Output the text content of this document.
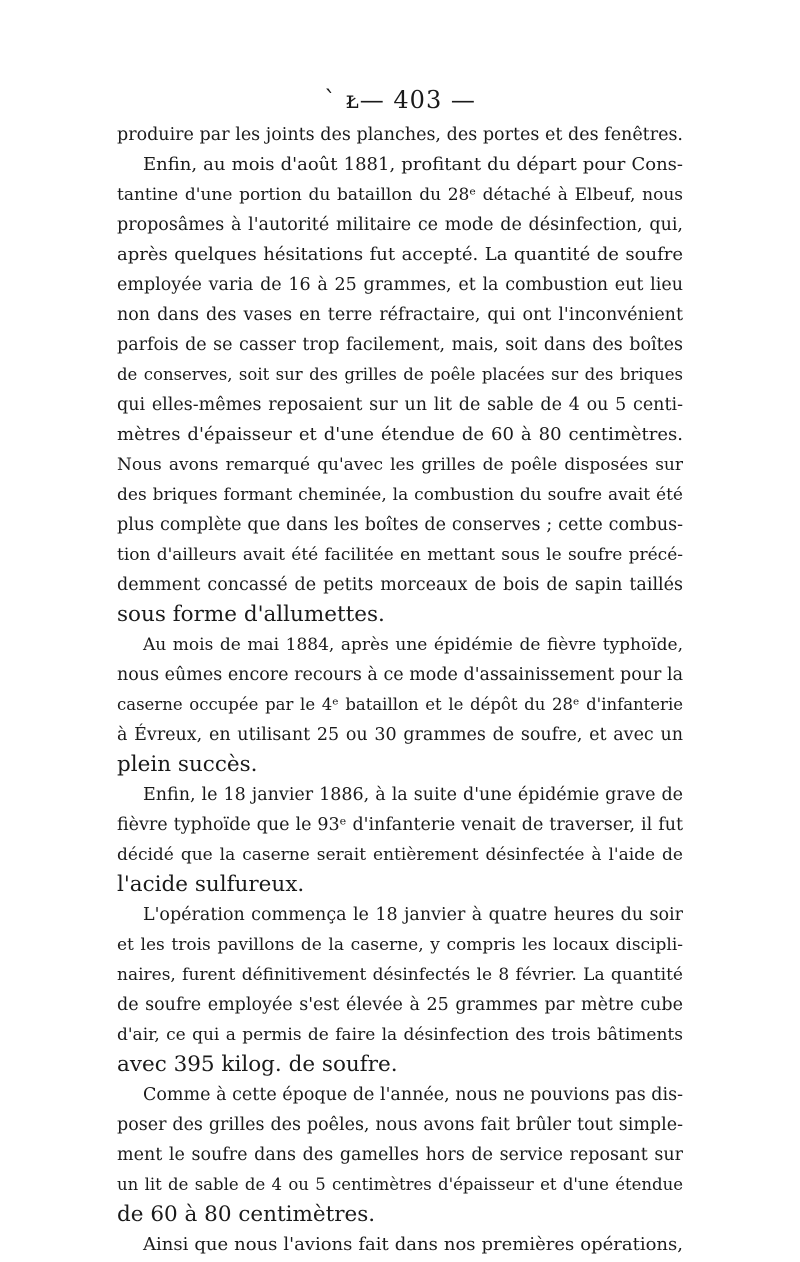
` ᴌ— 403 —
produire par les joints des planches, des portes et des fenêtres.
Enfin, au mois d'août 1881, profitant du départ pour Cons-
tantine d'une portion du bataillon du 28ᵉ détaché à Elbeuf, nous
proposâmes à l'autorité militaire ce mode de désinfection, qui,
après quelques hésitations fut accepté. La quantité de soufre
employée varia de 16 à 25 grammes, et la combustion eut lieu
non dans des vases en terre réfractaire, qui ont l'inconvénient
parfois de se casser trop facilement, mais, soit dans des boîtes
de conserves, soit sur des grilles de poêle placées sur des briques
qui elles-mêmes reposaient sur un lit de sable de 4 ou 5 centi-
mètres d'épaisseur et d'une étendue de 60 à 80 centimètres.
Nous avons remarqué qu'avec les grilles de poêle disposées sur
des briques formant cheminée, la combustion du soufre avait été
plus complète que dans les boîtes de conserves ; cette combus-
tion d'ailleurs avait été facilitée en mettant sous le soufre précé-
demment concassé de petits morceaux de bois de sapin taillés
sous forme d'allumettes.
Au mois de mai 1884, après une épidémie de fièvre typhoïde,
nous eûmes encore recours à ce mode d'assainissement pour la
caserne occupée par le 4ᵉ bataillon et le dépôt du 28ᵉ d'infanterie
à Évreux, en utilisant 25 ou 30 grammes de soufre, et avec un
plein succès.
Enfin, le 18 janvier 1886, à la suite d'une épidémie grave de
fièvre typhoïde que le 93ᵉ d'infanterie venait de traverser, il fut
décidé que la caserne serait entièrement désinfectée à l'aide de
l'acide sulfureux.
L'opération commença le 18 janvier à quatre heures du soir
et les trois pavillons de la caserne, y compris les locaux discipli-
naires, furent définitivement désinfectés le 8 février. La quantité
de soufre employée s'est élevée à 25 grammes par mètre cube
d'air, ce qui a permis de faire la désinfection des trois bâtiments
avec 395 kilog. de soufre.
Comme à cette époque de l'année, nous ne pouvions pas dis-
poser des grilles des poêles, nous avons fait brûler tout simple-
ment le soufre dans des gamelles hors de service reposant sur
un lit de sable de 4 ou 5 centimètres d'épaisseur et d'une étendue
de 60 à 80 centimètres.
Ainsi que nous l'avions fait dans nos premières opérations,
